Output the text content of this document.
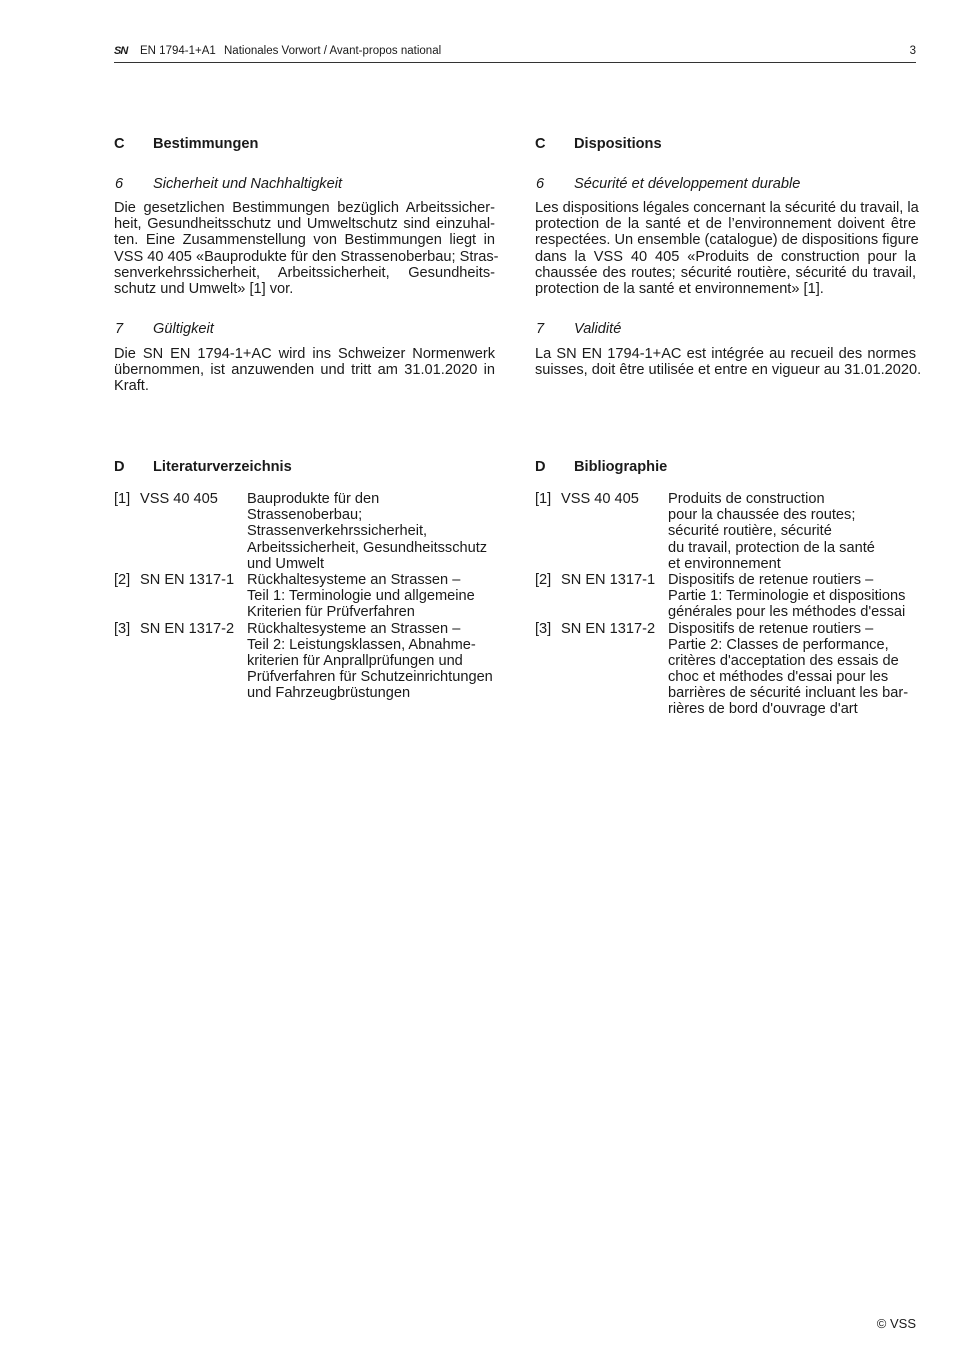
SN EN 1794-1+A1 Nationales Vorwort / Avant-propos national	3
C	Bestimmungen
6 Sicherheit und Nachhaltigkeit
Die gesetzlichen Bestimmungen bezüglich Arbeitssicher-
heit, Gesundheitsschutz und Umweltschutz sind einzuhal-
ten. Eine Zusammenstellung von Bestimmungen liegt in
VSS 40 405 «Bauprodukte für den Strassenoberbau; Stras-
senverkehrssicherheit, Arbeitssicherheit, Gesundheits-
schutz und Umwelt» [1] vor.
7 Gültigkeit
Die SN EN 1794-1+AC wird ins Schweizer Normenwerk
übernommen, ist anzuwenden und tritt am 31.01.2020 in
Kraft.
D	Literaturverzeichnis
[1] VSS 40 405 Bauprodukte für den
Strassenoberbau;
Strassenverkehrssicherheit,
Arbeitssicherheit, Gesundheitsschutz
und Umwelt
[2] SN EN 1317-1 Rückhaltesysteme an Strassen –
Teil 1: Terminologie und allgemeine
Kriterien für Prüfverfahren
[3] SN EN 1317-2 Rückhaltesysteme an Strassen –
Teil 2: Leistungsklassen, Abnahme-
kriterien für Anprallprüfungen und
Prüfverfahren für Schutzeinrichtungen
und Fahrzeugbrüstungen
C	Dispositions
6 Sécurité et développement durable
Les dispositions légales concernant la sécurité du travail, la
protection de la santé et de l’environnement doivent être
respectées. Un ensemble (catalogue) de dispositions figure
dans la VSS 40 405 «Produits de construction pour la
chaussée des routes; sécurité routière, sécurité du travail,
protection de la santé et environnement» [1].
7 Validité
La SN EN 1794-1+AC est intégrée au recueil des normes
suisses, doit être utilisée et entre en vigueur au 31.01.2020.
D	Bibliographie
[1] VSS 40 405 Produits de construction
pour la chaussée des routes;
sécurité routière, sécurité
du travail, protection de la santé
et environnement
[2] SN EN 1317-1 Dispositifs de retenue routiers –
Partie 1: Terminologie et dispositions
générales pour les méthodes d'essai
[3] SN EN 1317-2 Dispositifs de retenue routiers –
Partie 2: Classes de performance,
critères d'acceptation des essais de
choc et méthodes d'essai pour les
barrières de sécurité incluant les bar-
rières de bord d'ouvrage d'art
© VSS
